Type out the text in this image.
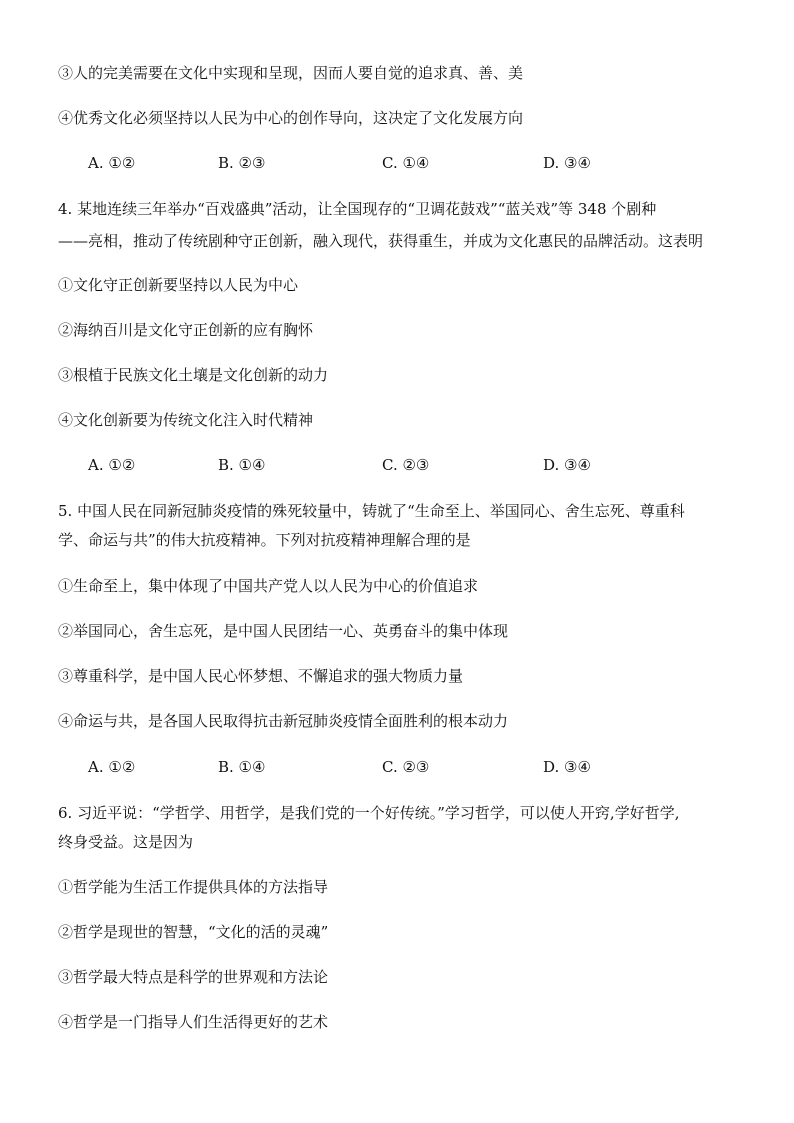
③人的完美需要在文化中实现和呈现，因而人要自觉的追求真、善、美
④优秀文化必须坚持以人民为中心的创作导向，这决定了文化发展方向
A. ①②	B. ②③	C. ①④	D. ③④
4. 某地连续三年举办“百戏盛典”活动，让全国现存的“卫调花鼓戏”“蓝关戏”等 348 个剧种
——亮相，推动了传统剧种守正创新，融入现代，获得重生，并成为文化惠民的品牌活动。这表明
①文化守正创新要坚持以人民为中心
②海纳百川是文化守正创新的应有胸怀
③根植于民族文化土壤是文化创新的动力
④文化创新要为传统文化注入时代精神
A. ①②	B. ①④	C. ②③	D. ③④
5. 中国人民在同新冠肺炎疫情的殊死较量中，铸就了“生命至上、举国同心、舍生忘死、尊重科
学、命运与共”的伟大抗疫精神。下列对抗疫精神理解合理的是
①生命至上，集中体现了中国共产党人以人民为中心的价值追求
②举国同心，舍生忘死，是中国人民团结一心、英勇奋斗的集中体现
③尊重科学，是中国人民心怀梦想、不懈追求的强大物质力量
④命运与共，是各国人民取得抗击新冠肺炎疫情全面胜利的根本动力
A. ①②	B. ①④	C. ②③	D. ③④
6. 习近平说：“学哲学、用哲学，是我们党的一个好传统。”学习哲学，可以使人开窍,学好哲学,
终身受益。这是因为
①哲学能为生活工作提供具体的方法指导
②哲学是现世的智慧，“文化的活的灵魂”
③哲学最大特点是科学的世界观和方法论
④哲学是一门指导人们生活得更好的艺术
